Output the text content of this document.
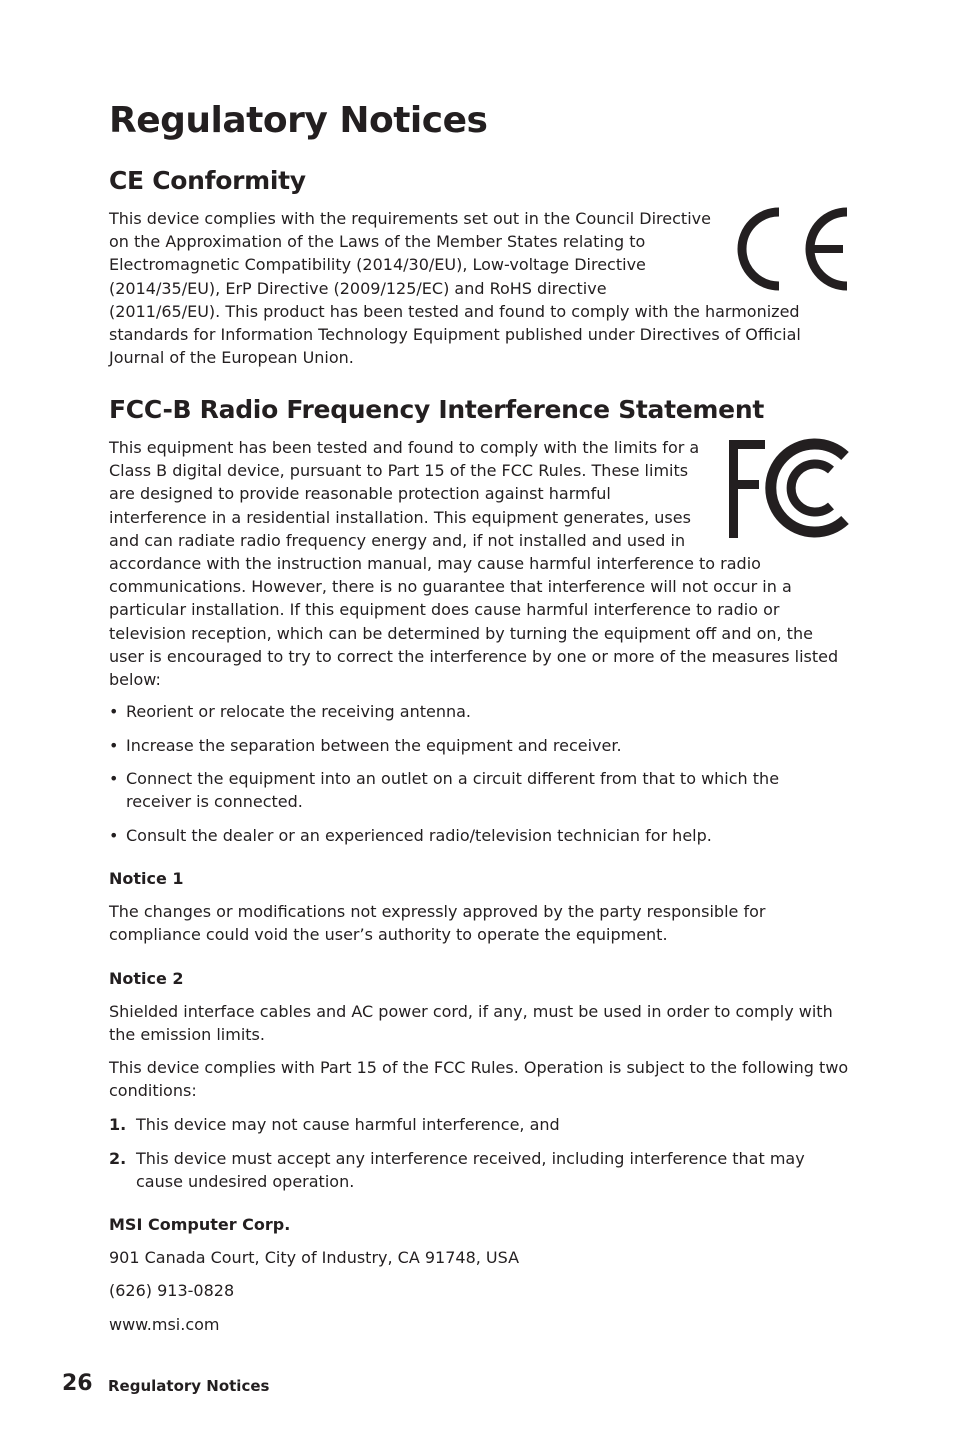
Regulatory Notices
CE Conformity

This device complies with the requirements set out in the Council Directive on the Approximation of the Laws of the Member States relating to Electromagnetic Compatibility (2014/30/EU), Low-voltage Directive (2014/35/EU), ErP Directive (2009/125/EC) and RoHS directive (2011/65/EU). This product has been tested and found to comply with the harmonized standards for Information Technology Equipment published under Directives of Official Journal of the European Union.

FCC-B Radio Frequency Interference Statement

This equipment has been tested and found to comply with the limits for a Class B digital device, pursuant to Part 15 of the FCC Rules. These limits are designed to provide reasonable protection against harmful interference in a residential installation. This equipment generates, uses and can radiate radio frequency energy and, if not installed and used in accordance with the instruction manual, may cause harmful interference to radio communications. However, there is no guarantee that interference will not occur in a particular installation. If this equipment does cause harmful interference to radio or television reception, which can be determined by turning the equipment off and on, the user is encouraged to try to correct the interference by one or more of the measures listed below:

• Reorient or relocate the receiving antenna.
• Increase the separation between the equipment and receiver.
• Connect the equipment into an outlet on a circuit different from that to which the receiver is connected.
• Consult the dealer or an experienced radio/television technician for help.
Notice 1

The changes or modifications not expressly approved by the party responsible for compliance could void the user’s authority to operate the equipment.

Notice 2

Shielded interface cables and AC power cord, if any, must be used in order to comply with the emission limits.

This device complies with Part 15 of the FCC Rules. Operation is subject to the following two conditions:

1. This device may not cause harmful interference, and
2. This device must accept any interference received, including interference that may cause undesired operation.
MSI Computer Corp.

901 Canada Court, City of Industry, CA 91748, USA

(626) 913-0828

www.msi.com

26 Regulatory Notices
